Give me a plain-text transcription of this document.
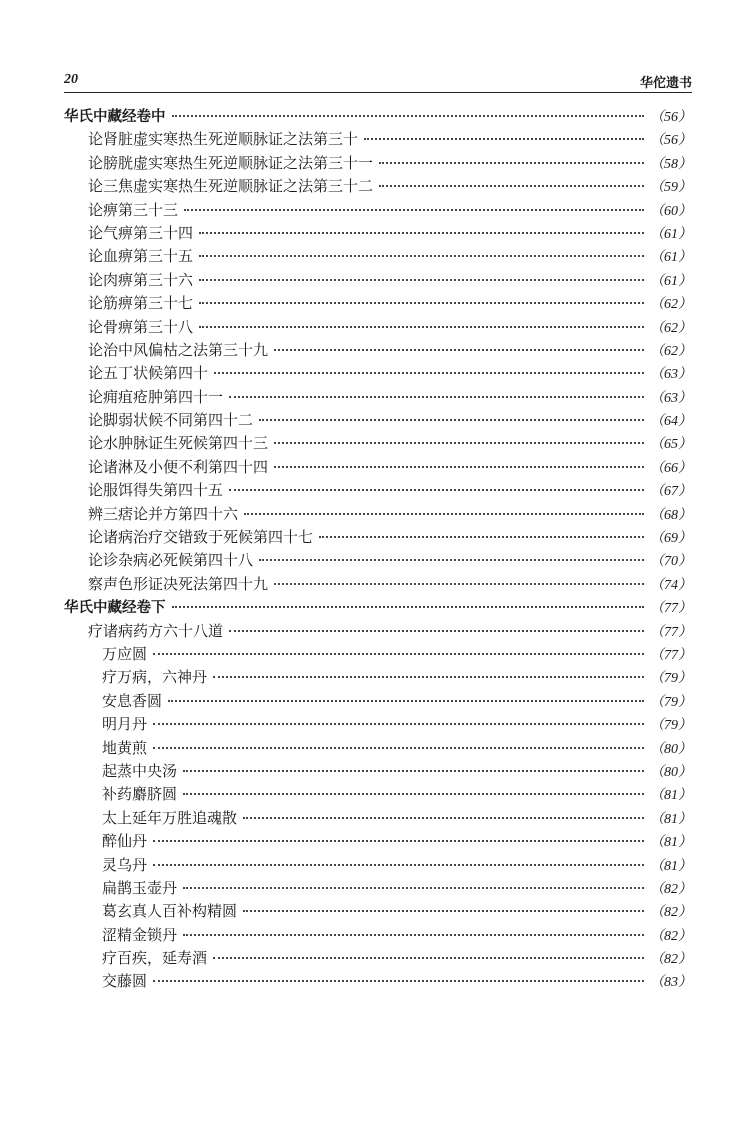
20	华佗遗书
华氏中藏经卷中	（56）
论肾脏虚实寒热生死逆顺脉证之法第三十	（56）
论膀胱虚实寒热生死逆顺脉证之法第三十一	（58）
论三焦虚实寒热生死逆顺脉证之法第三十二	（59）
论痹第三十三	（60）
论气痹第三十四	（61）
论血痹第三十五	（61）
论肉痹第三十六	（61）
论筋痹第三十七	（62）
论骨痹第三十八	（62）
论治中风偏枯之法第三十九	（62）
论五丁状候第四十	（63）
论痈疽疮肿第四十一	（63）
论脚弱状候不同第四十二	（64）
论水肿脉证生死候第四十三	（65）
论诸淋及小便不利第四十四	（66）
论服饵得失第四十五	（67）
辨三痞论并方第四十六	（68）
论诸病治疗交错致于死候第四十七	（69）
论诊杂病必死候第四十八	（70）
察声色形证决死法第四十九	（74）
华氏中藏经卷下	（77）
疗诸病药方六十八道	（77）
万应圆	（77）
疗万病，六神丹	（79）
安息香圆	（79）
明月丹	（79）
地黄煎	（80）
起蒸中央汤	（80）
补药麝脐圆	（81）
太上延年万胜追魂散	（81）
醉仙丹	（81）
灵乌丹	（81）
扁鹊玉壶丹	（82）
葛玄真人百补构精圆	（82）
涩精金锁丹	（82）
疗百疾，延寿酒	（82）
交藤圆	（83）
